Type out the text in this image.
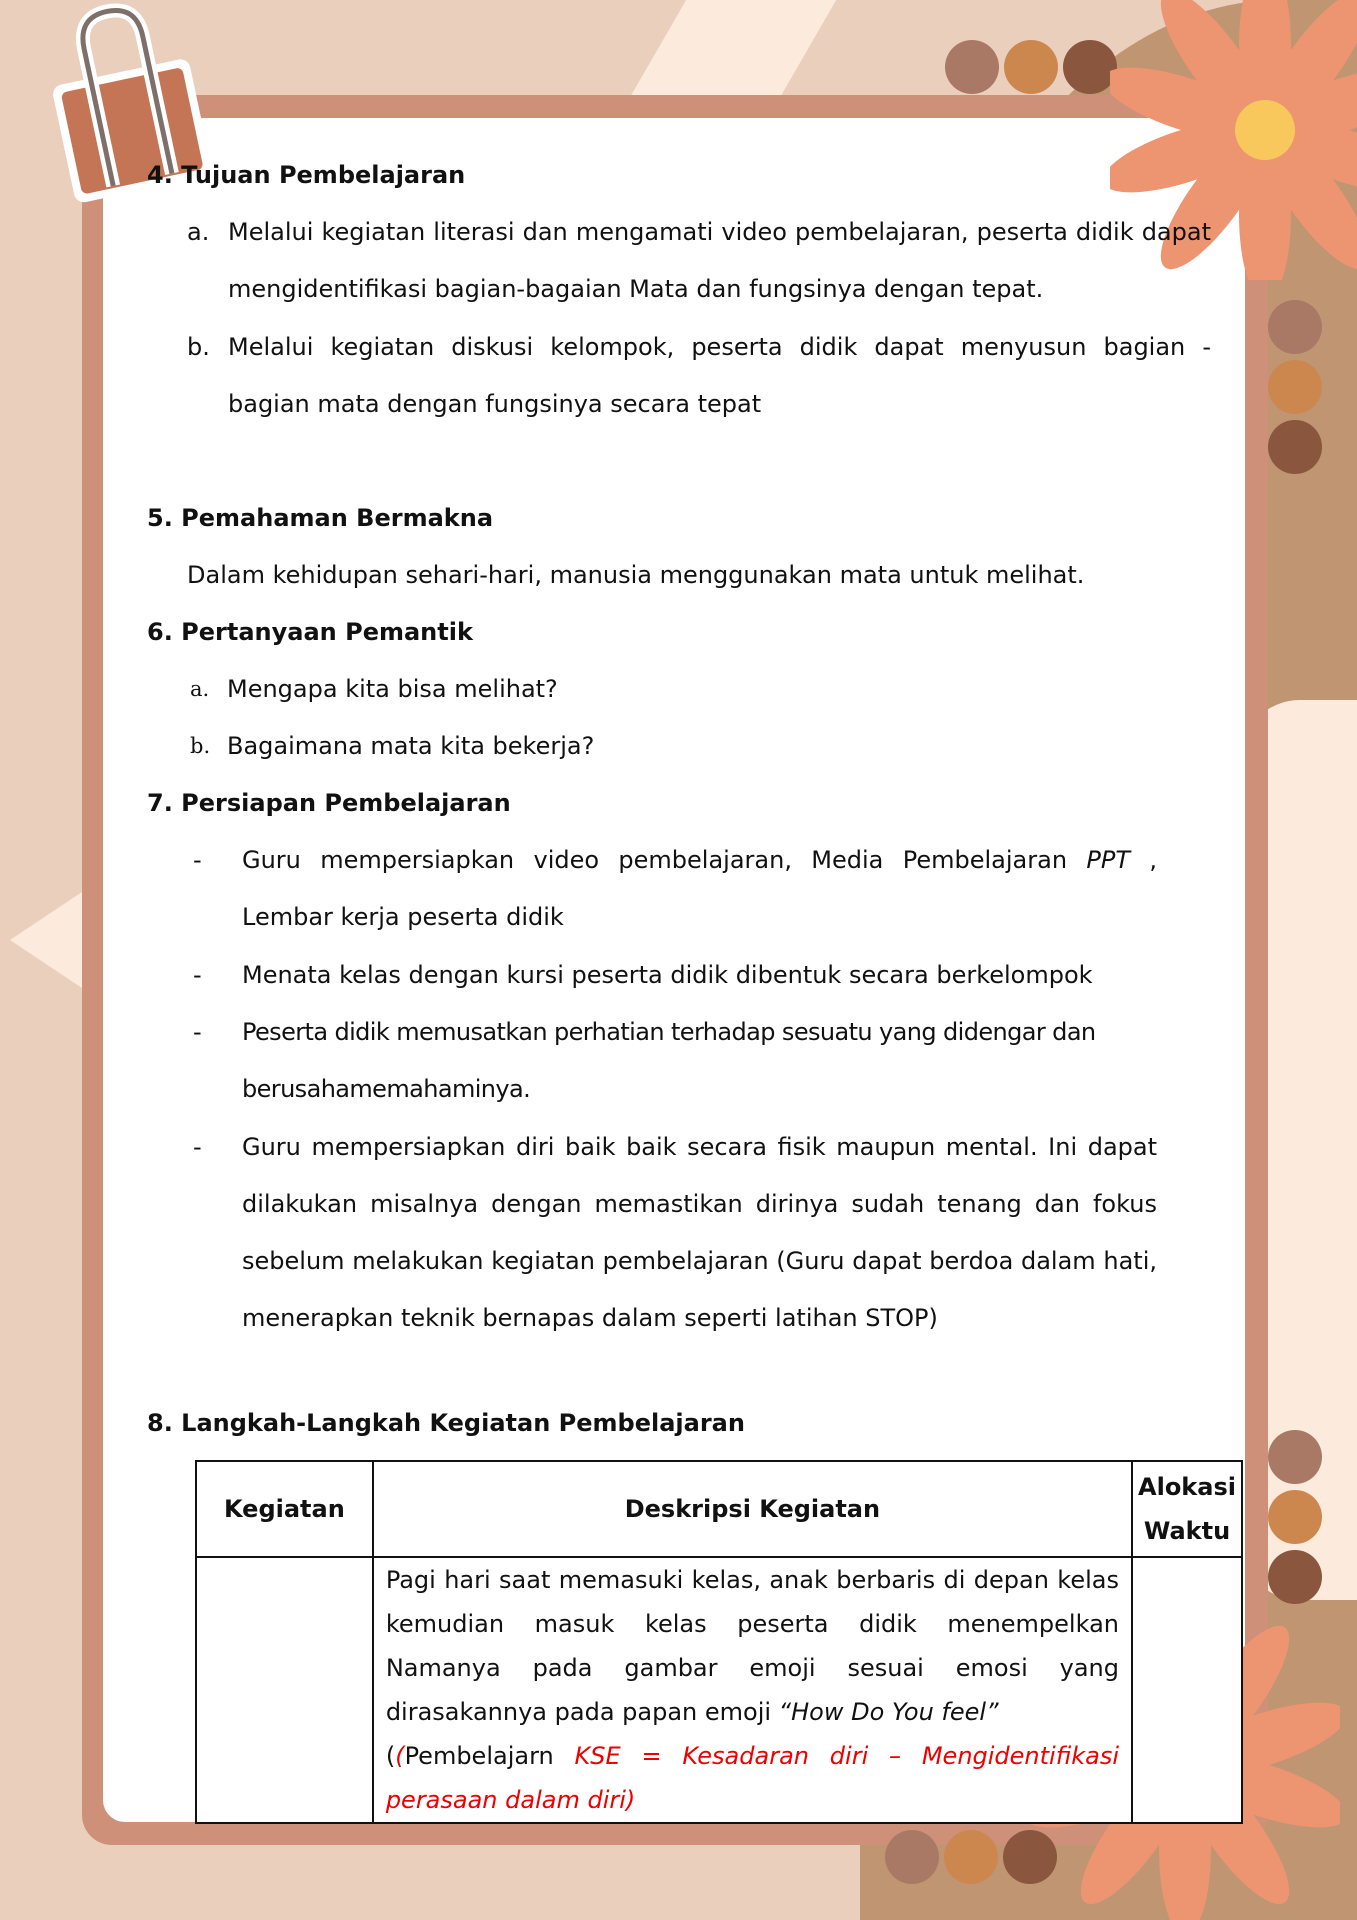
4. Tujuan Pembelajaran
a. Melalui kegiatan literasi dan mengamati video pembelajaran, peserta didik dapat mengidentifikasi bagian-bagaian Mata dan fungsinya dengan tepat.
b. Melalui kegiatan diskusi kelompok, peserta didik dapat menyusun bagian - bagian mata dengan fungsinya secara tepat
5. Pemahaman Bermakna
Dalam kehidupan sehari-hari, manusia menggunakan mata untuk melihat.
6. Pertanyaan Pemantik
a. Mengapa kita bisa melihat?
b. Bagaimana mata kita bekerja?
7. Persiapan Pembelajaran
- Guru mempersiapkan video pembelajaran, Media Pembelajaran PPT , Lembar kerja peserta didik
- Menata kelas dengan kursi peserta didik dibentuk secara berkelompok
- Peserta didik memusatkan perhatian terhadap sesuatu yang didengar dan berusahamemahaminya.
- Guru mempersiapkan diri baik baik secara fisik maupun mental. Ini dapat dilakukan misalnya dengan memastikan dirinya sudah tenang dan fokus sebelum melakukan kegiatan pembelajaran (Guru dapat berdoa dalam hati, menerapkan teknik bernapas dalam seperti latihan STOP)
8. Langkah-Langkah Kegiatan Pembelajaran
Kegiatan	Deskripsi Kegiatan	Alokasi Waktu
	Pagi hari saat memasuki kelas, anak berbaris di depan kelas kemudian masuk kelas peserta didik menempelkan Namanya pada gambar emoji sesuai emosi yang dirasakannya pada papan emoji “How Do You feel”
((Pembelajarn KSE = Kesadaran diri – Mengidentifikasi perasaan dalam diri)	
